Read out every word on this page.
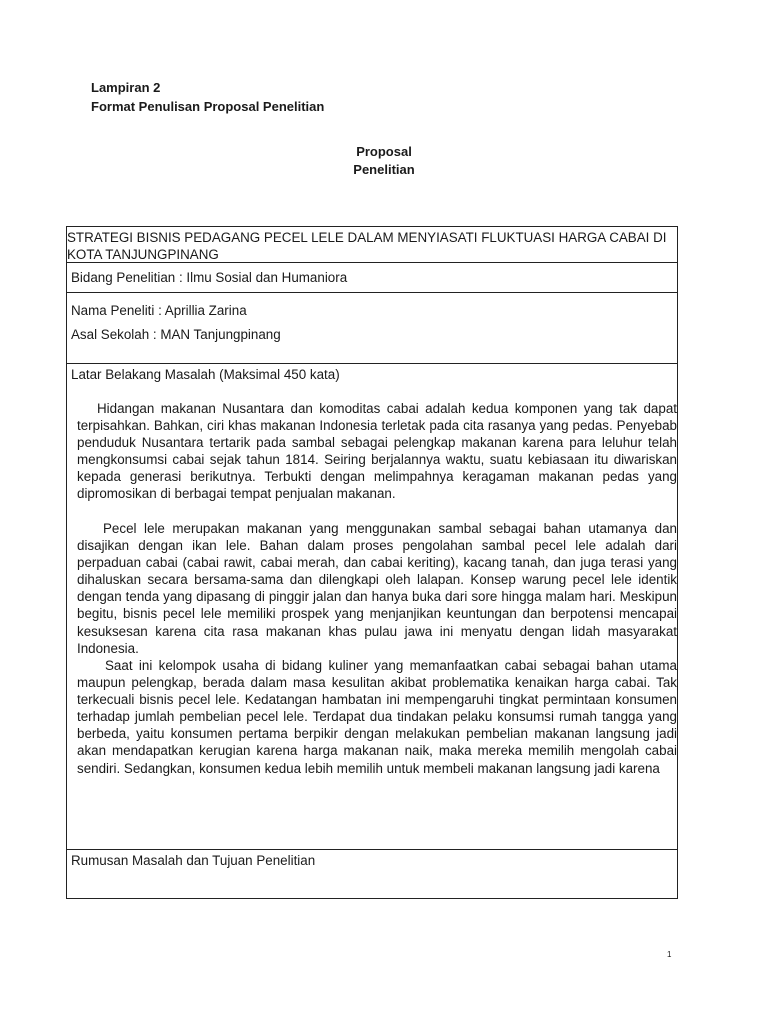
Lampiran 2
Format Penulisan Proposal Penelitian
Proposal
Penelitian
STRATEGI BISNIS PEDAGANG PECEL LELE DALAM MENYIASATI FLUKTUASI HARGA CABAI DI KOTA TANJUNGPINANG
Bidang Penelitian : Ilmu Sosial dan Humaniora
Nama Peneliti : Aprillia Zarina
Asal Sekolah : MAN Tanjungpinang
Latar Belakang Masalah (Maksimal 450 kata)

Hidangan makanan Nusantara dan komoditas cabai adalah kedua komponen yang tak dapat terpisahkan. Bahkan, ciri khas makanan Indonesia terletak pada cita rasanya yang pedas. Penyebab penduduk Nusantara tertarik pada sambal sebagai pelengkap makanan karena para leluhur telah mengkonsumsi cabai sejak tahun 1814. Seiring berjalannya waktu, suatu kebiasaan itu diwariskan kepada generasi berikutnya. Terbukti dengan melimpahnya keragaman makanan pedas yang dipromosikan di berbagai tempat penjualan makanan.

Pecel lele merupakan makanan yang menggunakan sambal sebagai bahan utamanya dan disajikan dengan ikan lele. Bahan dalam proses pengolahan sambal pecel lele adalah dari perpaduan cabai (cabai rawit, cabai merah, dan cabai keriting), kacang tanah, dan juga terasi yang dihaluskan secara bersama-sama dan dilengkapi oleh lalapan. Konsep warung pecel lele identik dengan tenda yang dipasang di pinggir jalan dan hanya buka dari sore hingga malam hari. Meskipun begitu, bisnis pecel lele memiliki prospek yang menjanjikan keuntungan dan berpotensi mencapai kesuksesan karena cita rasa makanan khas pulau jawa ini menyatu dengan lidah masyarakat Indonesia.

Saat ini kelompok usaha di bidang kuliner yang memanfaatkan cabai sebagai bahan utama maupun pelengkap, berada dalam masa kesulitan akibat problematika kenaikan harga cabai. Tak terkecuali bisnis pecel lele. Kedatangan hambatan ini mempengaruhi tingkat permintaan konsumen terhadap jumlah pembelian pecel lele. Terdapat dua tindakan pelaku konsumsi rumah tangga yang berbeda, yaitu konsumen pertama berpikir dengan melakukan pembelian makanan langsung jadi akan mendapatkan kerugian karena harga makanan naik, maka mereka memilih mengolah cabai sendiri. Sedangkan, konsumen kedua lebih memilih untuk membeli makanan langsung jadi karena

Rumusan Masalah dan Tujuan Penelitian
1
